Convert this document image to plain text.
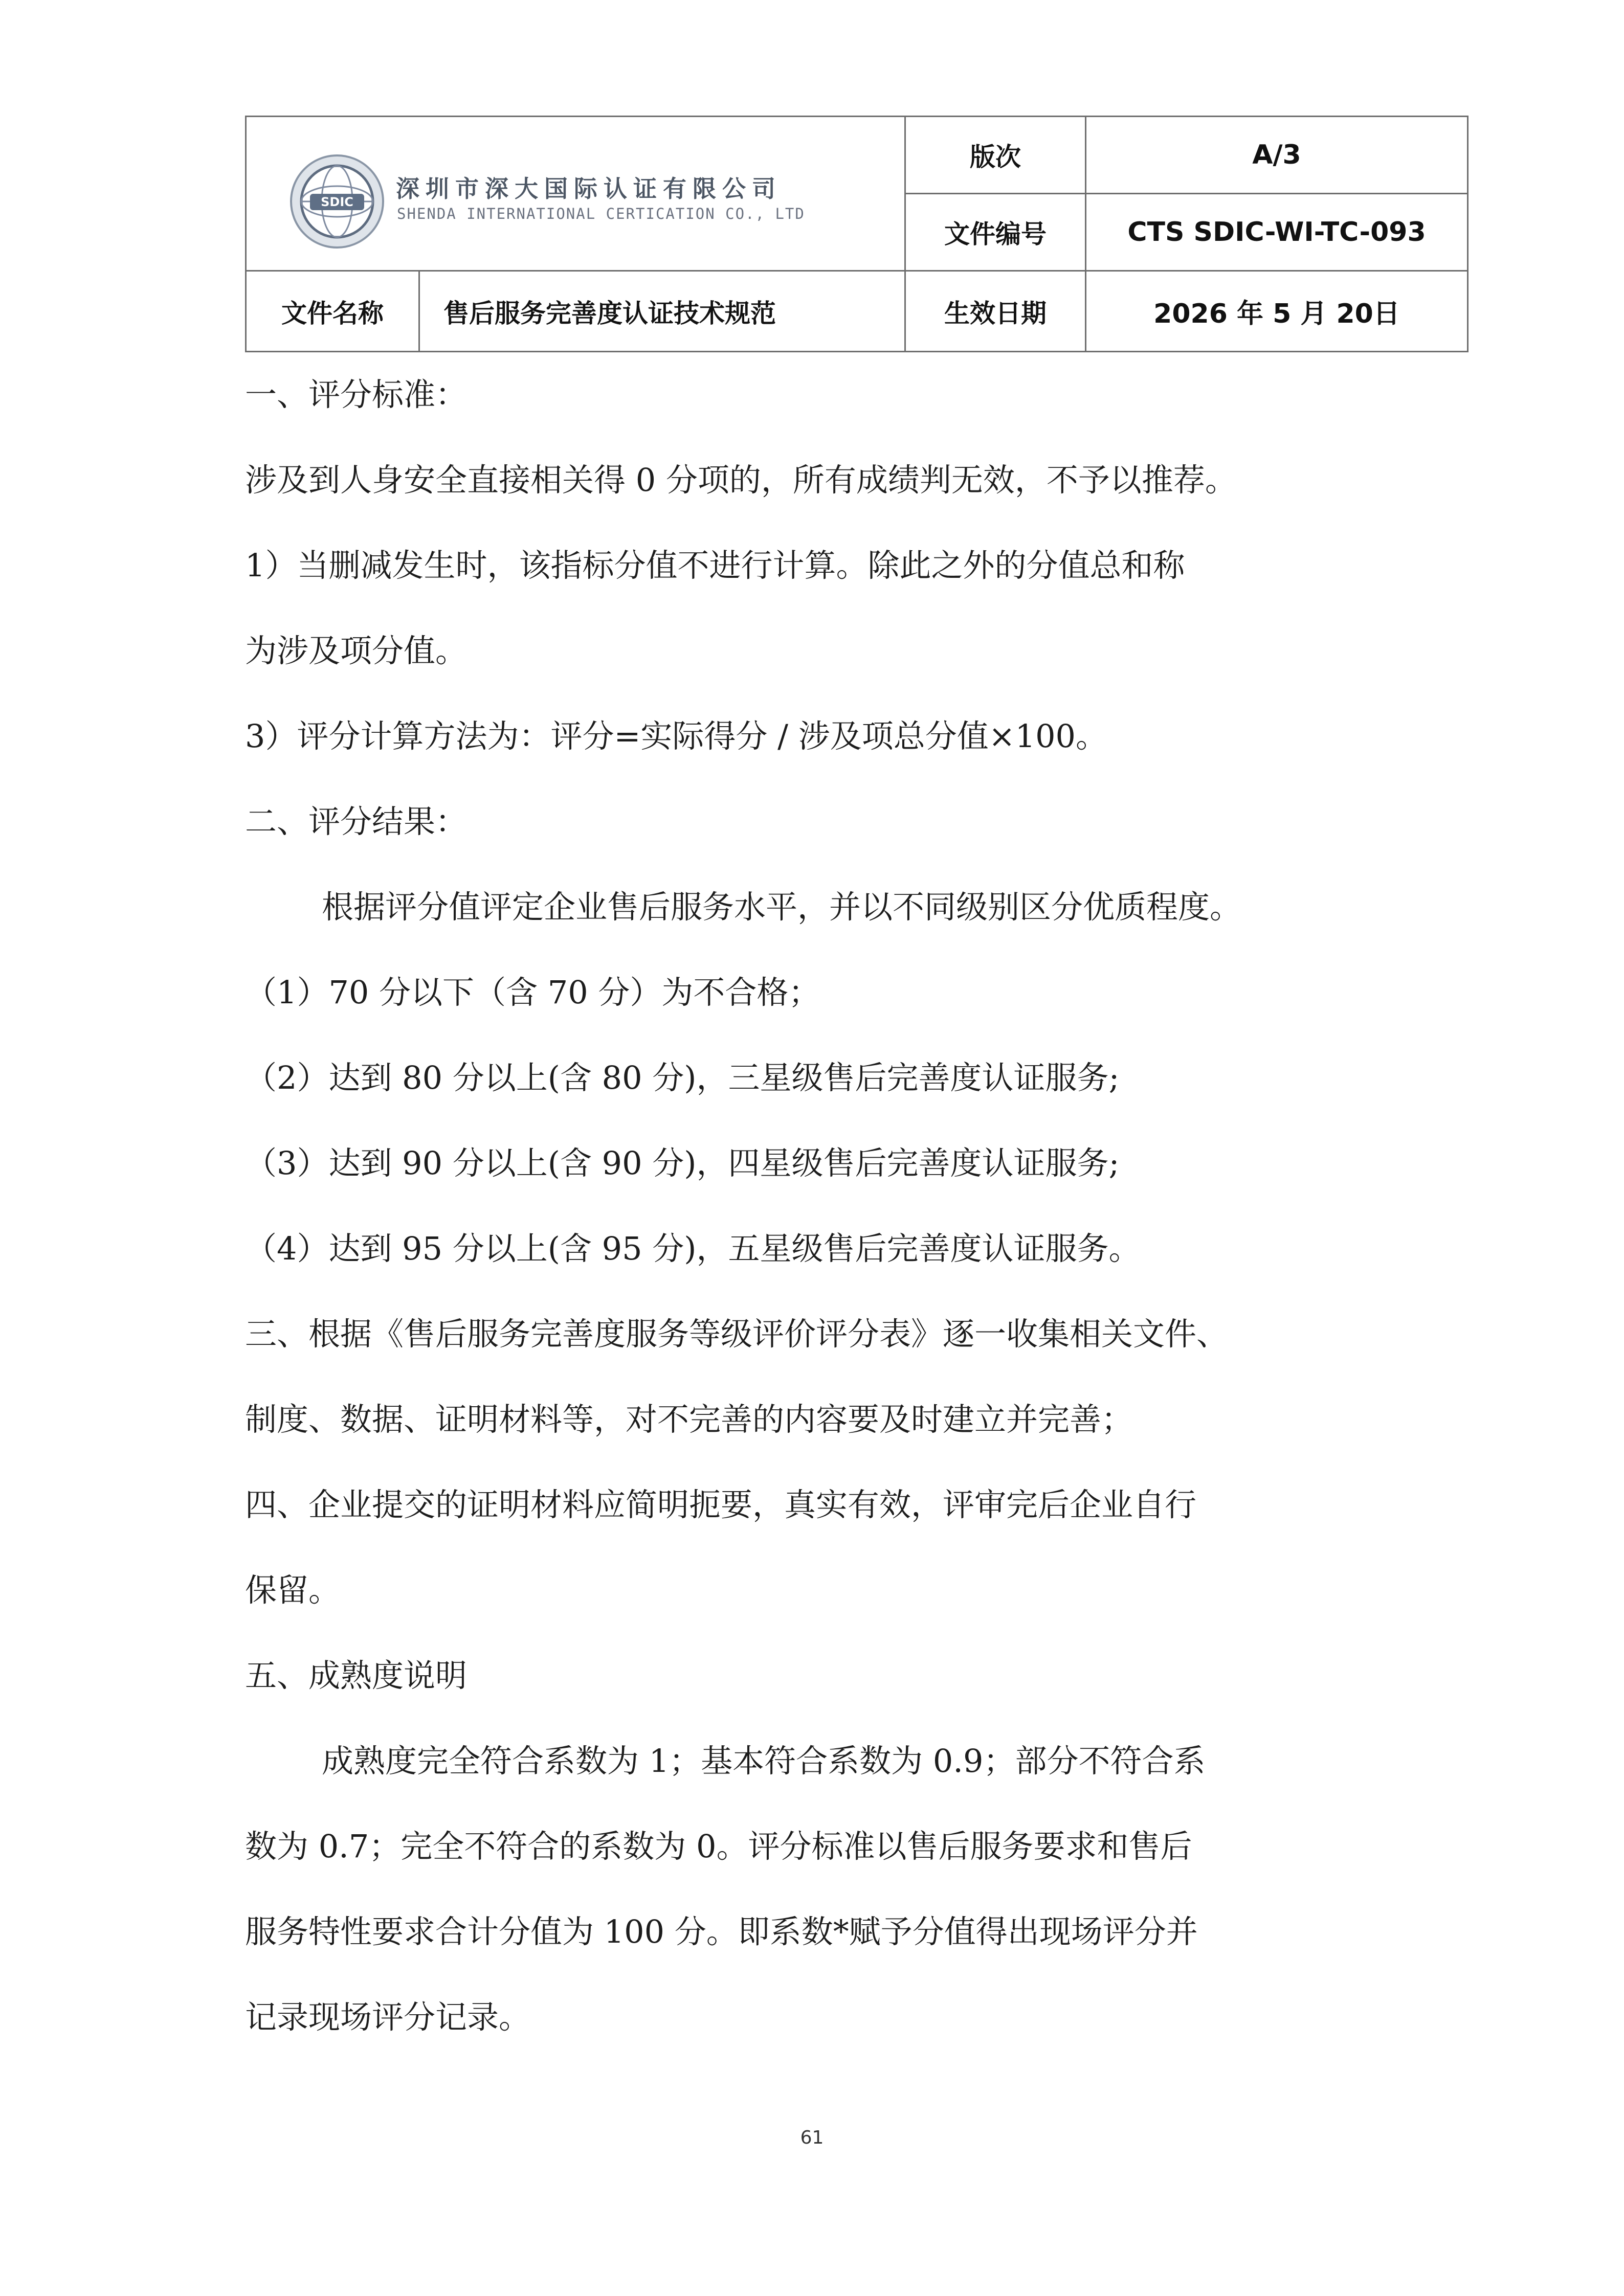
SDIC 深圳市深大国际认证有限公司
SHENDA INTERNATIONAL CERTICATION CO., LTD		版次	A/3
		文件编号	CTS SDIC-WI-TC-093
文件名称	售后服务完善度认证技术规范	生效日期	2026 年 5 月 20日
一、评分标准：
涉及到人身安全直接相关得 0 分项的，所有成绩判无效，不予以推荐。
1）当删减发生时，该指标分值不进行计算。除此之外的分值总和称
为涉及项分值。
3）评分计算方法为：评分=实际得分 / 涉及项总分值×100。
二、评分结果：
根据评分值评定企业售后服务水平，并以不同级别区分优质程度。
（1）70 分以下（含 70 分）为不合格；
（2）达到 80 分以上(含 80 分)，三星级售后完善度认证服务;
（3）达到 90 分以上(含 90 分)，四星级售后完善度认证服务;
（4）达到 95 分以上(含 95 分)，五星级售后完善度认证服务。
三、根据《售后服务完善度服务等级评价评分表》逐一收集相关文件、
制度、数据、证明材料等，对不完善的内容要及时建立并完善；
四、企业提交的证明材料应简明扼要，真实有效，评审完后企业自行
保留。
五、成熟度说明
成熟度完全符合系数为 1；基本符合系数为 0.9；部分不符合系
数为 0.7；完全不符合的系数为 0。评分标准以售后服务要求和售后
服务特性要求合计分值为 100 分。即系数*赋予分值得出现场评分并
记录现场评分记录。
61
